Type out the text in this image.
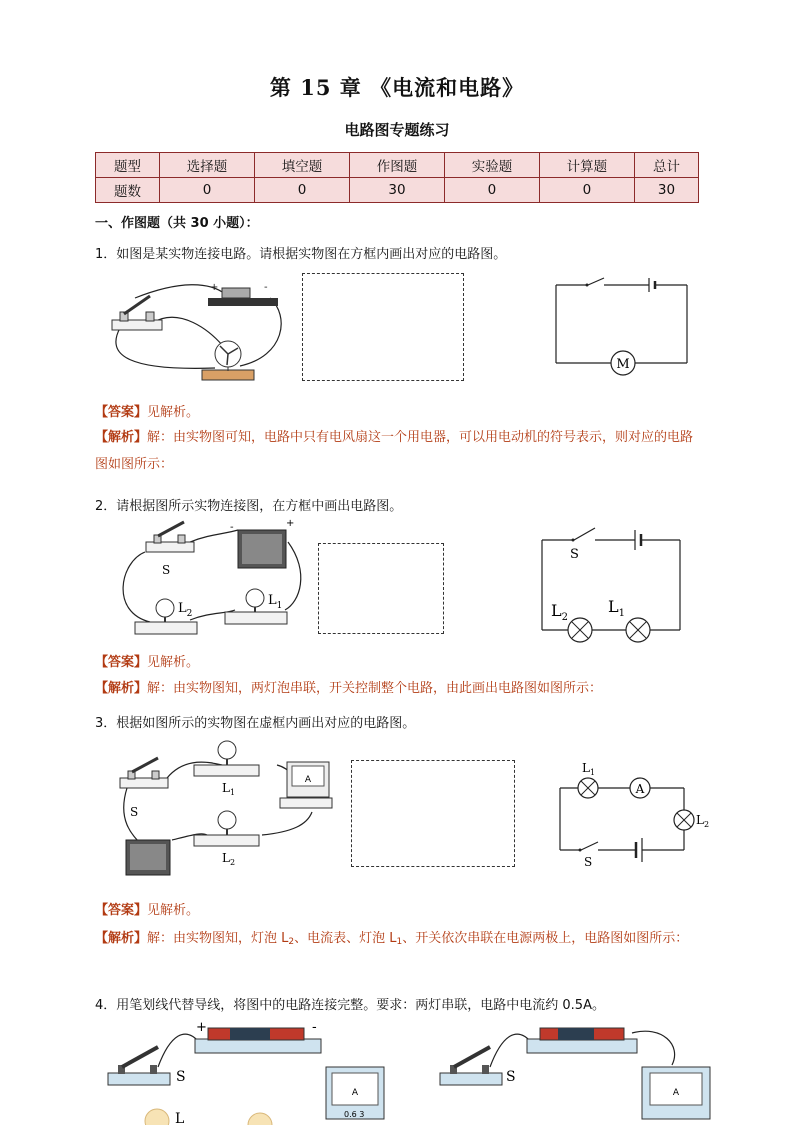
第 15 章 《电流和电路》
电路图专题练习
题型	选择题	填空题	作图题	实验题	计算题	总计
题数	0	0	30	0	0	30
一、作图题（共 30 小题）：
1．如图是某实物连接电路。请根据实物图在方框内画出对应的电路图。
+	-
M
【答案】见解析。
【解析】解：由实物图可知，电路中只有电风扇这一个用电器，可以用电动机的符号表示，则对应的电路图如图所示：
2．请根据图所示实物连接图，在方框中画出电路图。
S
-	+
$L_2$
$L_1$
S
$L_2$
$L_1$
【答案】见解析。
【解析】解：由实物图知，两灯泡串联，开关控制整个电路，由此画出电路图如图所示：
3．根据如图所示的实物图在虚框内画出对应的电路图。
S
$L_1$
A
$L_2$
A
$L_1$
$L_2$
S
【答案】见解析。
【解析】解：由实物图知，灯泡 $L_2$、电流表、灯泡 $L_1$、开关依次串联在电源两极上，电路图如图所示：
4．用笔划线代替导线，将图中的电路连接完整。要求：两灯串联，电路中电流约 0.5A。
S
+	-
A
0.6 3
L
S
A
